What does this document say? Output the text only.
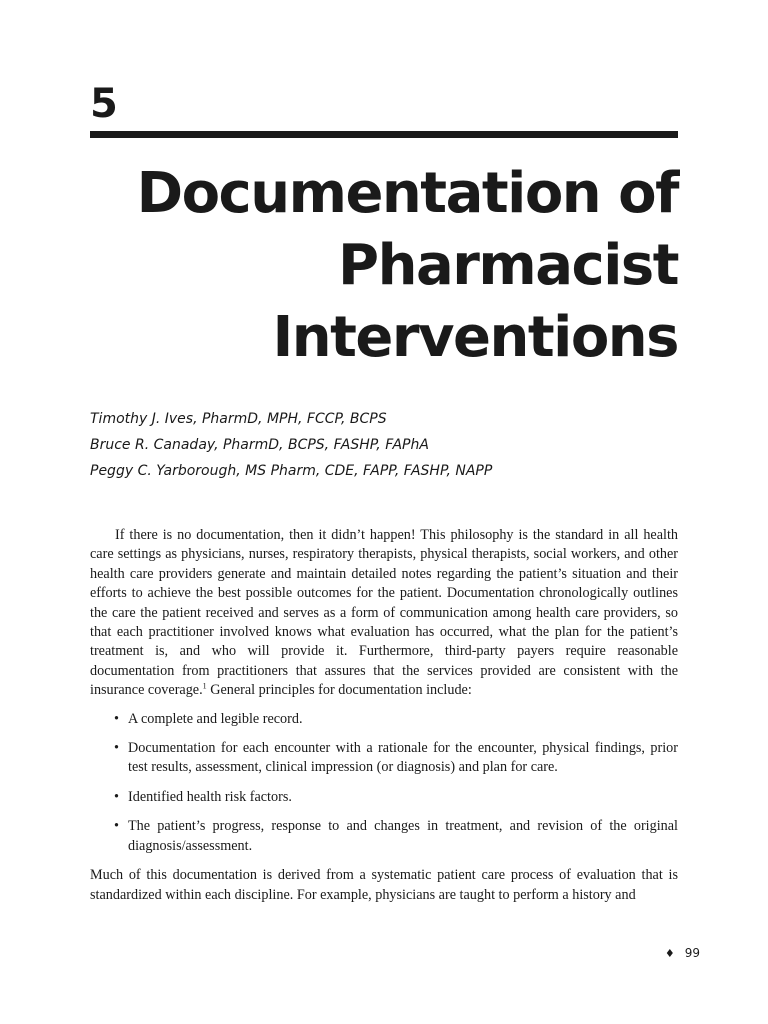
5
Documentation of
Pharmacist
Interventions
Timothy J. Ives, PharmD, MPH, FCCP, BCPS
Bruce R. Canaday, PharmD, BCPS, FASHP, FAPhA
Peggy C. Yarborough, MS Pharm, CDE, FAPP, FASHP, NAPP

If there is no documentation, then it didn’t happen! This philosophy is the standard in all health care settings as physicians, nurses, respiratory therapists, physical therapists, social workers, and other health care providers generate and maintain detailed notes regarding the patient’s situation and their efforts to achieve the best possible outcomes for the patient. Documentation chronologically outlines the care the patient received and serves as a form of communication among health care providers, so that each practitioner involved knows what evaluation has occurred, what the plan for the patient’s treatment is, and who will provide it. Furthermore, third-party payers require reasonable documentation from practitioners that assures that the services provided are consistent with the insurance coverage.$^1$ General principles for documentation include:

• A complete and legible record.
• Documentation for each encounter with a rationale for the encounter, physical findings, prior test results, assessment, clinical impression (or diagnosis) and plan for care.
• Identified health risk factors.
• The patient’s progress, response to and changes in treatment, and revision of the original diagnosis/assessment.

Much of this documentation is derived from a systematic patient care process of evaluation that is standardized within each discipline. For example, physicians are taught to perform a history and

♦ 99
